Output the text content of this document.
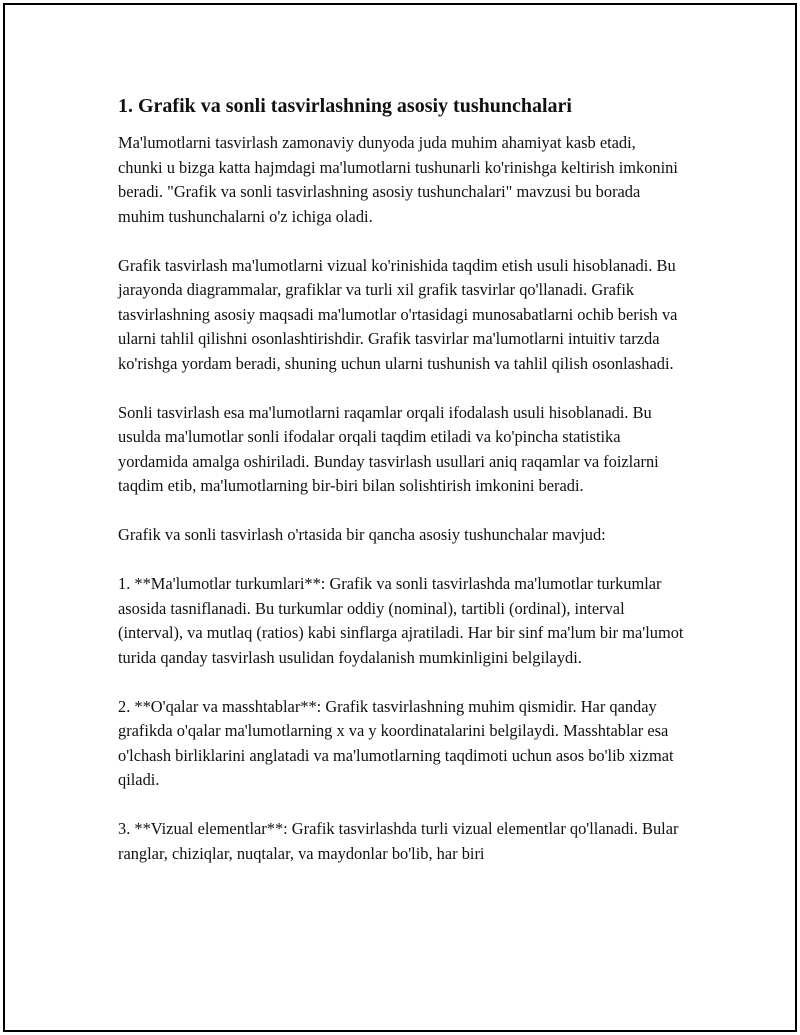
1. Grafik va sonli tasvirlashning asosiy tushunchalari

Ma'lumotlarni tasvirlash zamonaviy dunyoda juda muhim ahamiyat kasb etadi, chunki u bizga katta hajmdagi ma'lumotlarni tushunarli ko'rinishga keltirish imkonini beradi. "Grafik va sonli tasvirlashning asosiy tushunchalari" mavzusi bu borada muhim tushunchalarni o'z ichiga oladi.

Grafik tasvirlash ma'lumotlarni vizual ko'rinishida taqdim etish usuli hisoblanadi. Bu jarayonda diagrammalar, grafiklar va turli xil grafik tasvirlar qo'llanadi. Grafik tasvirlashning asosiy maqsadi ma'lumotlar o'rtasidagi munosabatlarni ochib berish va ularni tahlil qilishni osonlashtirishdir. Grafik tasvirlar ma'lumotlarni intuitiv tarzda ko'rishga yordam beradi, shuning uchun ularni tushunish va tahlil qilish osonlashadi.

Sonli tasvirlash esa ma'lumotlarni raqamlar orqali ifodalash usuli hisoblanadi. Bu usulda ma'lumotlar sonli ifodalar orqali taqdim etiladi va ko'pincha statistika yordamida amalga oshiriladi. Bunday tasvirlash usullari aniq raqamlar va foizlarni taqdim etib, ma'lumotlarning bir-biri bilan solishtirish imkonini beradi.

Grafik va sonli tasvirlash o'rtasida bir qancha asosiy tushunchalar mavjud:

1. **Ma'lumotlar turkumlari**: Grafik va sonli tasvirlashda ma'lumotlar turkumlar asosida tasniflanadi. Bu turkumlar oddiy (nominal), tartibli (ordinal), interval (interval), va mutlaq (ratios) kabi sinflarga ajratiladi. Har bir sinf ma'lum bir ma'lumot turida qanday tasvirlash usulidan foydalanish mumkinligini belgilaydi.

2. **O'qalar va masshtablar**: Grafik tasvirlashning muhim qismidir. Har qanday grafikda o'qalar ma'lumotlarning x va y koordinatalarini belgilaydi. Masshtablar esa o'lchash birliklarini anglatadi va ma'lumotlarning taqdimoti uchun asos bo'lib xizmat qiladi.

3. **Vizual elementlar**: Grafik tasvirlashda turli vizual elementlar qo'llanadi. Bular ranglar, chiziqlar, nuqtalar, va maydonlar bo'lib, har biri
